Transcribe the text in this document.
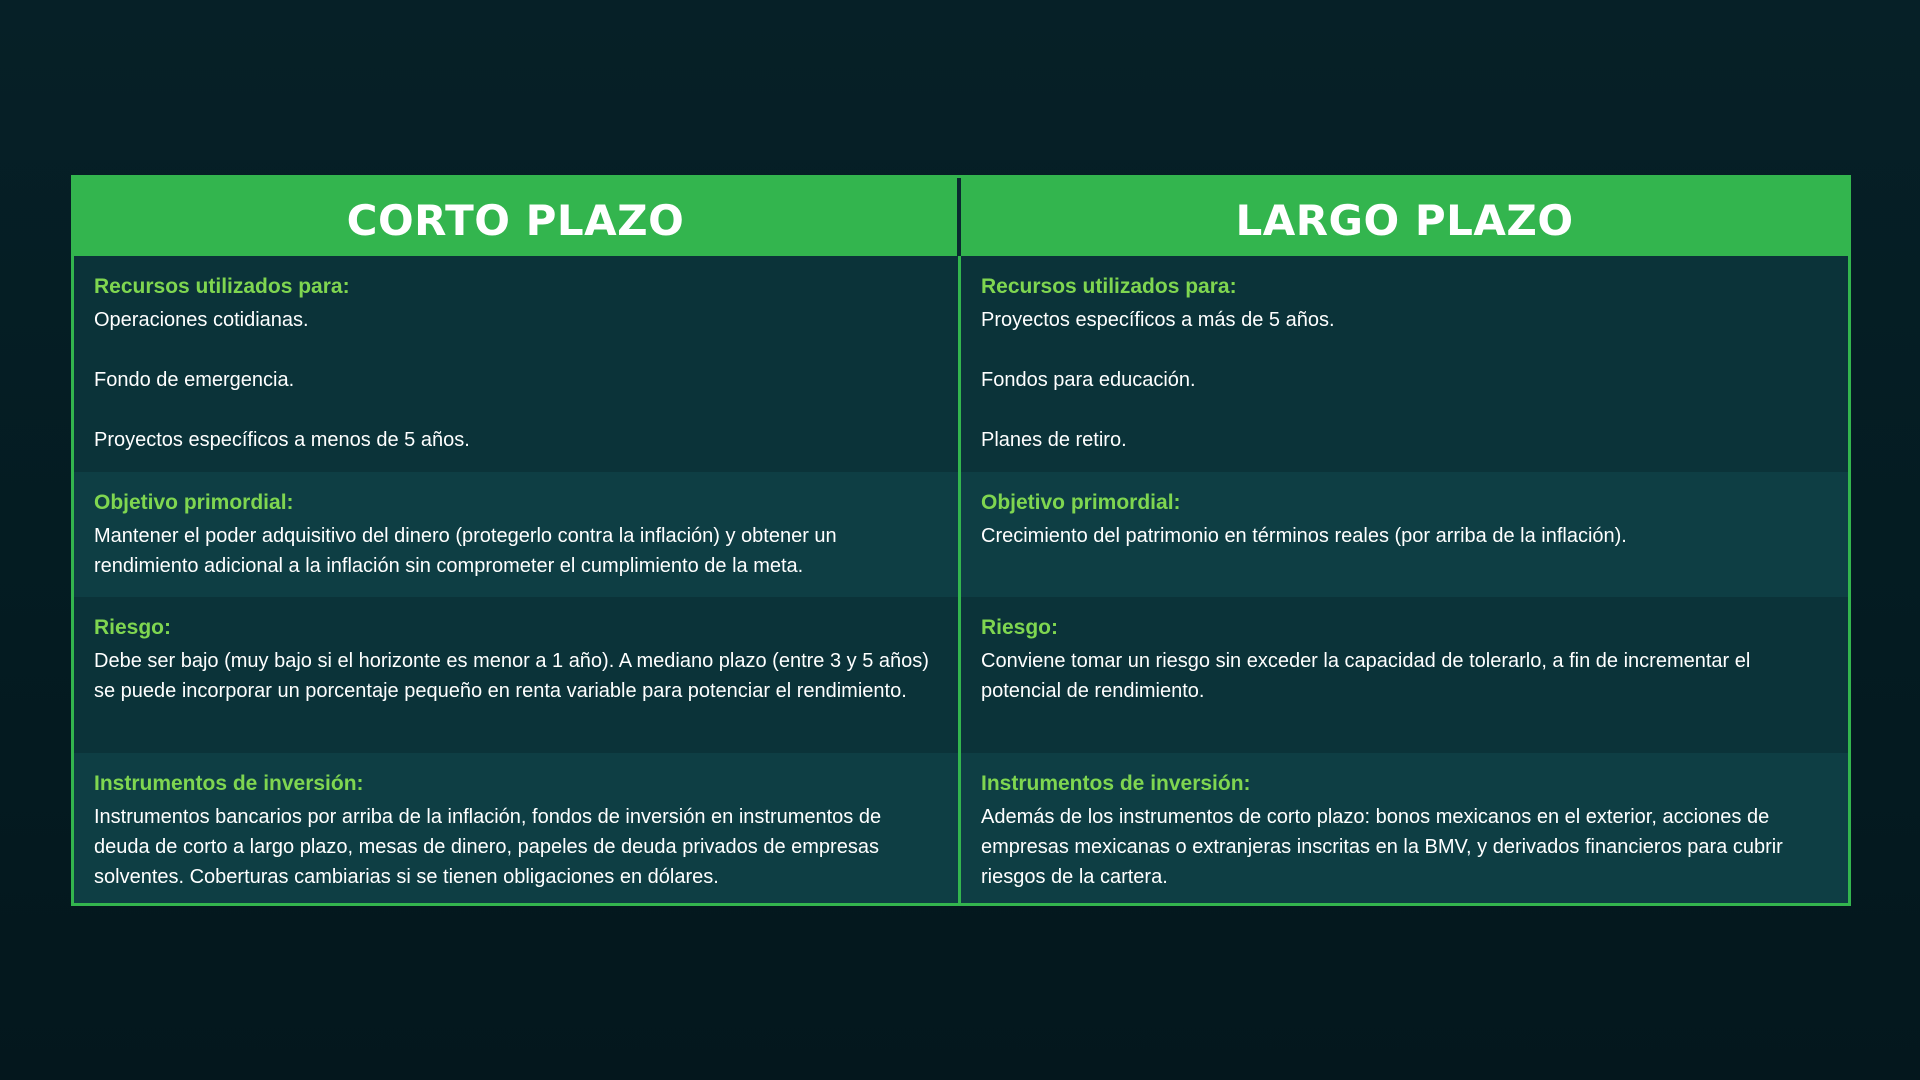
CORTO PLAZO	LARGO PLAZO
Recursos utilizados para:
Operaciones cotidianas.
Fondo de emergencia.
Proyectos específicos a menos de 5 años.
Recursos utilizados para:
Proyectos específicos a más de 5 años.
Fondos para educación.
Planes de retiro.
Objetivo primordial:
Mantener el poder adquisitivo del dinero (protegerlo contra la inflación) y obtener un rendimiento adicional a la inflación sin comprometer el cumplimiento de la meta.
Objetivo primordial:
Crecimiento del patrimonio en términos reales (por arriba de la inflación).
Riesgo:
Debe ser bajo (muy bajo si el horizonte es menor a 1 año). A mediano plazo (entre 3 y 5 años) se puede incorporar un porcentaje pequeño en renta variable para potenciar el rendimiento.
Riesgo:
Conviene tomar un riesgo sin exceder la capacidad de tolerarlo, a fin de incrementar el potencial de rendimiento.
Instrumentos de inversión:
Instrumentos bancarios por arriba de la inflación, fondos de inversión en instrumentos de deuda de corto a largo plazo, mesas de dinero, papeles de deuda privados de empresas solventes. Coberturas cambiarias si se tienen obligaciones en dólares.
Instrumentos de inversión:
Además de los instrumentos de corto plazo: bonos mexicanos en el exterior, acciones de empresas mexicanas o extranjeras inscritas en la BMV, y derivados financieros para cubrir riesgos de la cartera.
